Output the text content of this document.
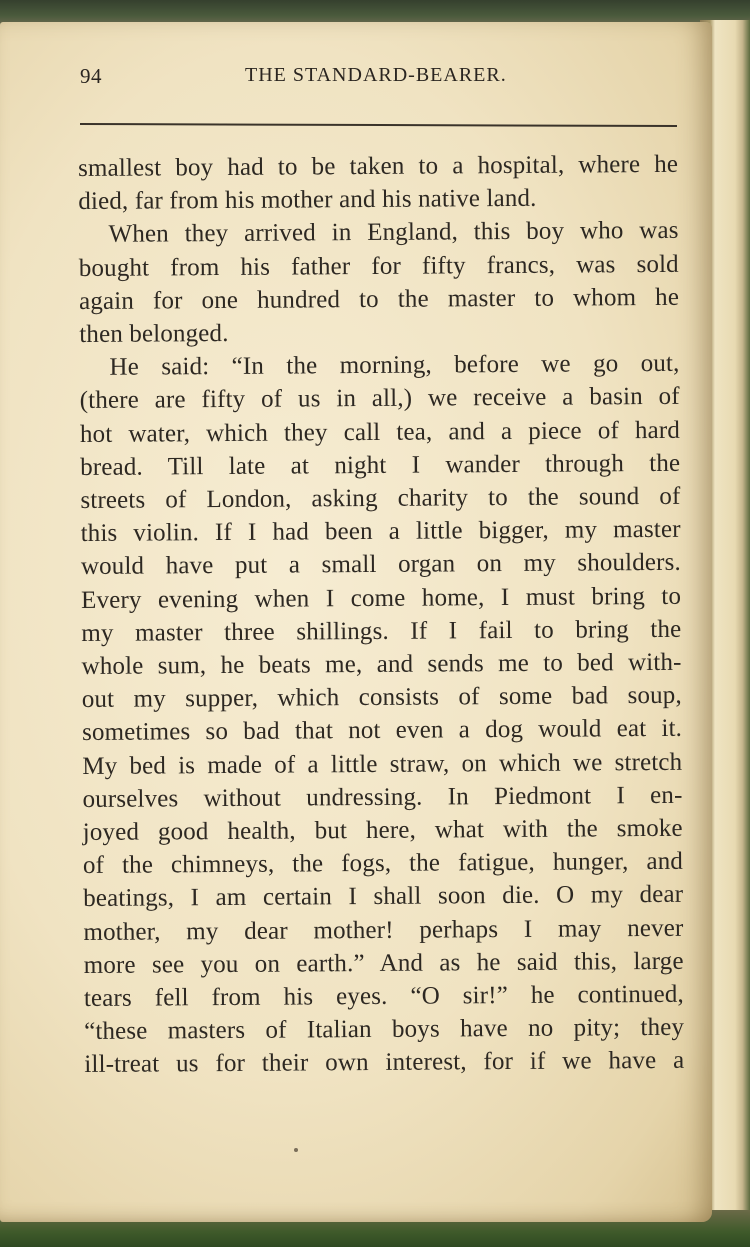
94	THE STANDARD-BEARER.
smallest boy had to be taken to a hospital, where he
died, far from his mother and his native land.
When they arrived in England, this boy who was
bought from his father for fifty francs, was sold
again for one hundred to the master to whom he
then belonged.
He said: “In the morning, before we go out,
(there are fifty of us in all,) we receive a basin of
hot water, which they call tea, and a piece of hard
bread. Till late at night I wander through the
streets of London, asking charity to the sound of
this violin. If I had been a little bigger, my master
would have put a small organ on my shoulders.
Every evening when I come home, I must bring to
my master three shillings. If I fail to bring the
whole sum, he beats me, and sends me to bed with-
out my supper, which consists of some bad soup,
sometimes so bad that not even a dog would eat it.
My bed is made of a little straw, on which we stretch
ourselves without undressing. In Piedmont I en-
joyed good health, but here, what with the smoke
of the chimneys, the fogs, the fatigue, hunger, and
beatings, I am certain I shall soon die. O my dear
mother, my dear mother! perhaps I may never
more see you on earth.” And as he said this, large
tears fell from his eyes. “O sir!” he continued,
“these masters of Italian boys have no pity; they
ill-treat us for their own interest, for if we have a
